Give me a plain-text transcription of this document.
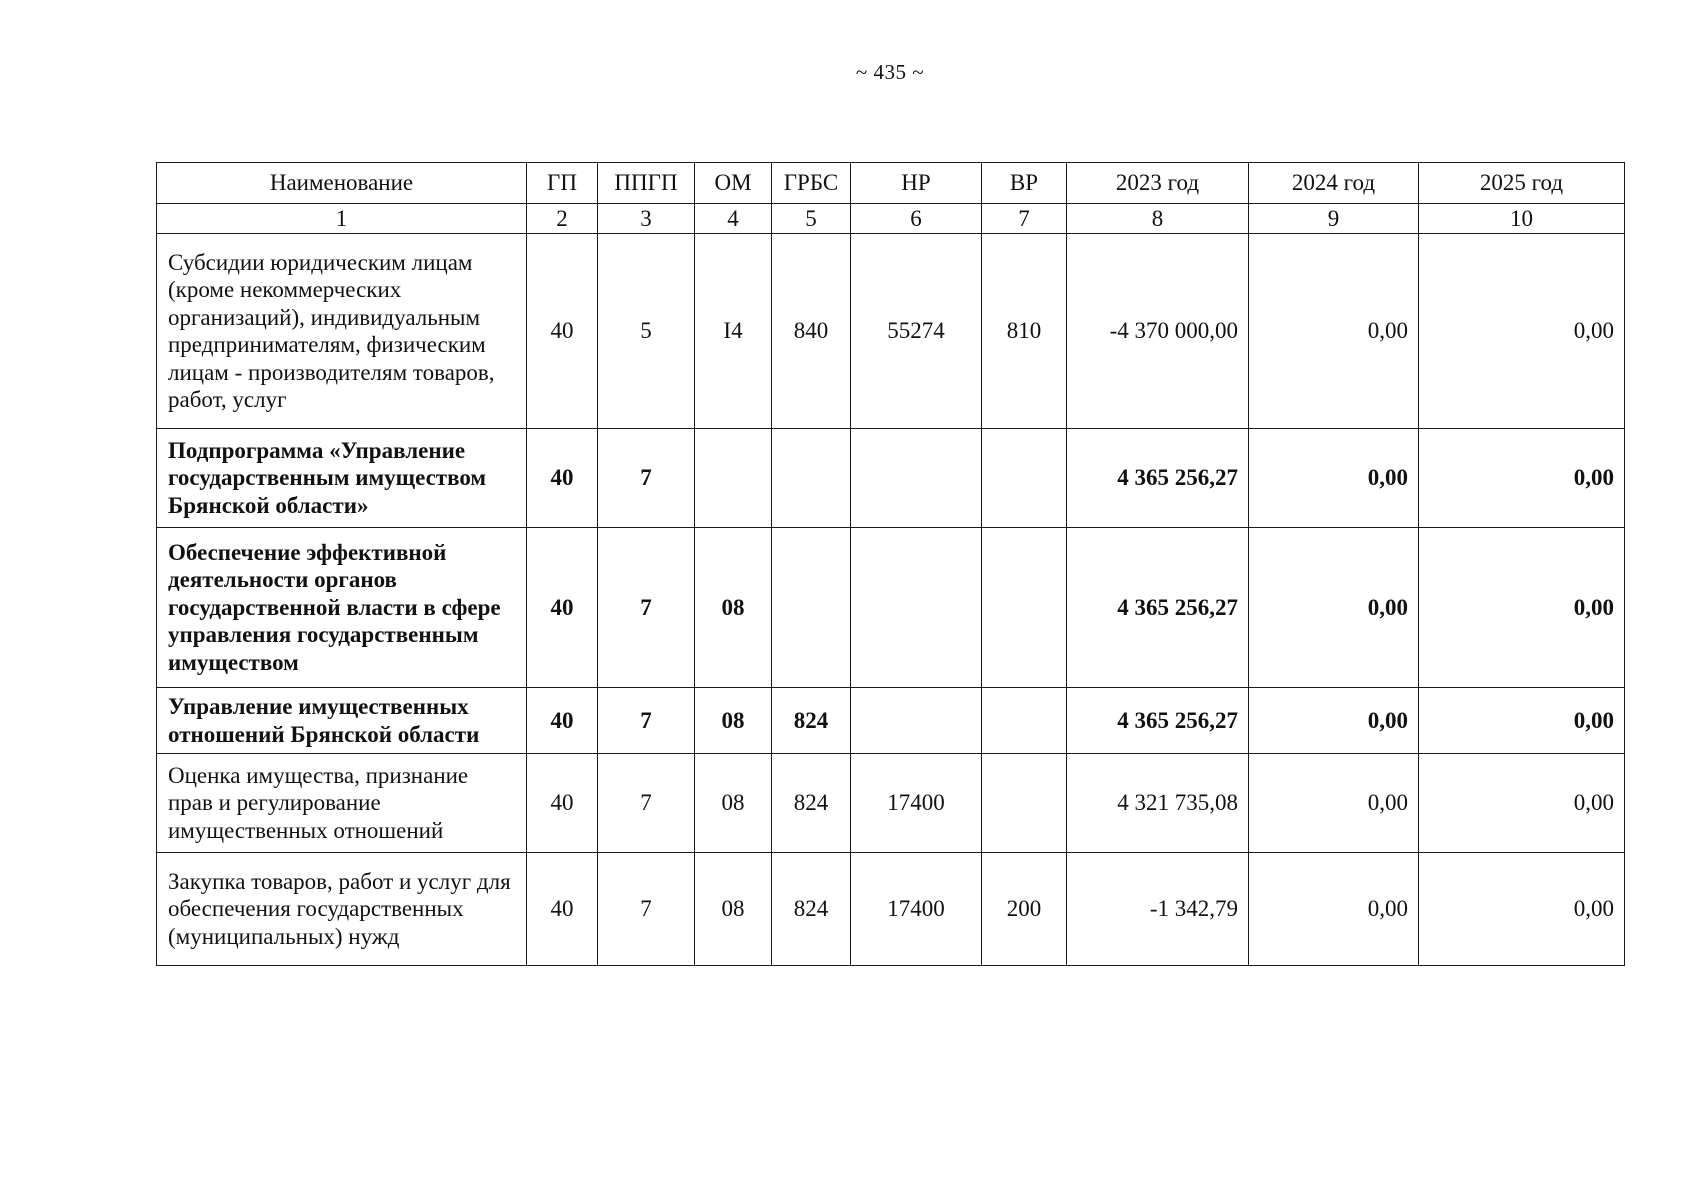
~ 435 ~
Наименование	ГП	ППГП	ОМ	ГРБС	НР	ВР	2023 год	2024 год	2025 год
1	2	3	4	5	6	7	8	9	10
Субсидии юридическим лицам (кроме некоммерческих организаций), индивидуальным предпринимателям, физическим лицам - производителям товаров, работ, услуг	40	5	I4	840	55274	810	-4 370 000,00	0,00	0,00
Подпрограмма «Управление государственным имуществом Брянской области»	40	7					4 365 256,27	0,00	0,00
Обеспечение эффективной деятельности органов государственной власти в сфере управления государственным имуществом	40	7	08				4 365 256,27	0,00	0,00
Управление имущественных отношений Брянской области	40	7	08	824			4 365 256,27	0,00	0,00
Оценка имущества, признание прав и регулирование имущественных отношений	40	7	08	824	17400		4 321 735,08	0,00	0,00
Закупка товаров, работ и услуг для обеспечения государственных (муниципальных) нужд	40	7	08	824	17400	200	-1 342,79	0,00	0,00
